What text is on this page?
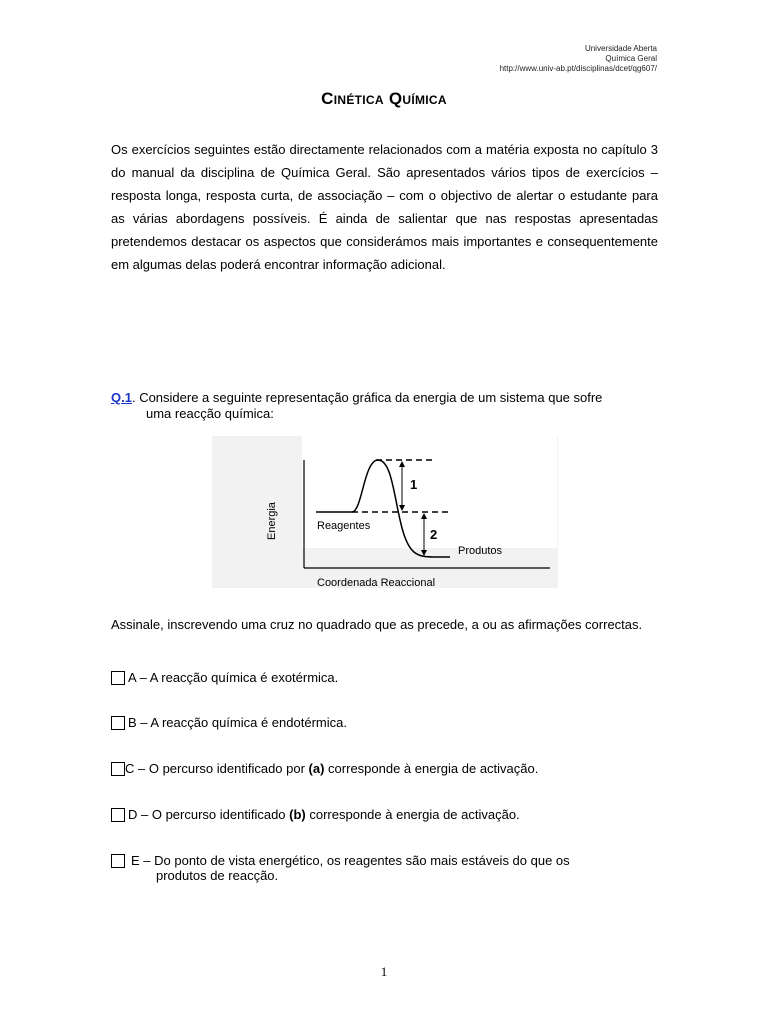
Universidade Aberta
Química Geral
http://www.univ-ab.pt/disciplinas/dcet/qg607/
Cinética Química
Os exercícios seguintes estão directamente relacionados com a matéria exposta no capítulo 3 do manual da disciplina de Química Geral. São apresentados vários tipos de exercícios – resposta longa, resposta curta, de associação – com o objectivo de alertar o estudante para as várias abordagens possíveis. É ainda de salientar que nas respostas apresentadas pretendemos destacar os aspectos que considerámos mais importantes e consequentemente em algumas delas poderá encontrar informação adicional.
Q.1. Considere a seguinte representação gráfica da energia de um sistema que sofre
uma reacção química:
Energia	Reagentes
Produtos
Coordenada Reaccional
1
2
Assinale, inscrevendo uma cruz no quadrado que as precede, a ou as afirmações correctas.
A – A reacção química é exotérmica.
B – A reacção química é endotérmica.
C – O percurso identificado por (a) corresponde à energia de activação.
D – O percurso identificado (b) corresponde à energia de activação.
E – Do ponto de vista energético, os reagentes são mais estáveis do que os
produtos de reacção.
1
